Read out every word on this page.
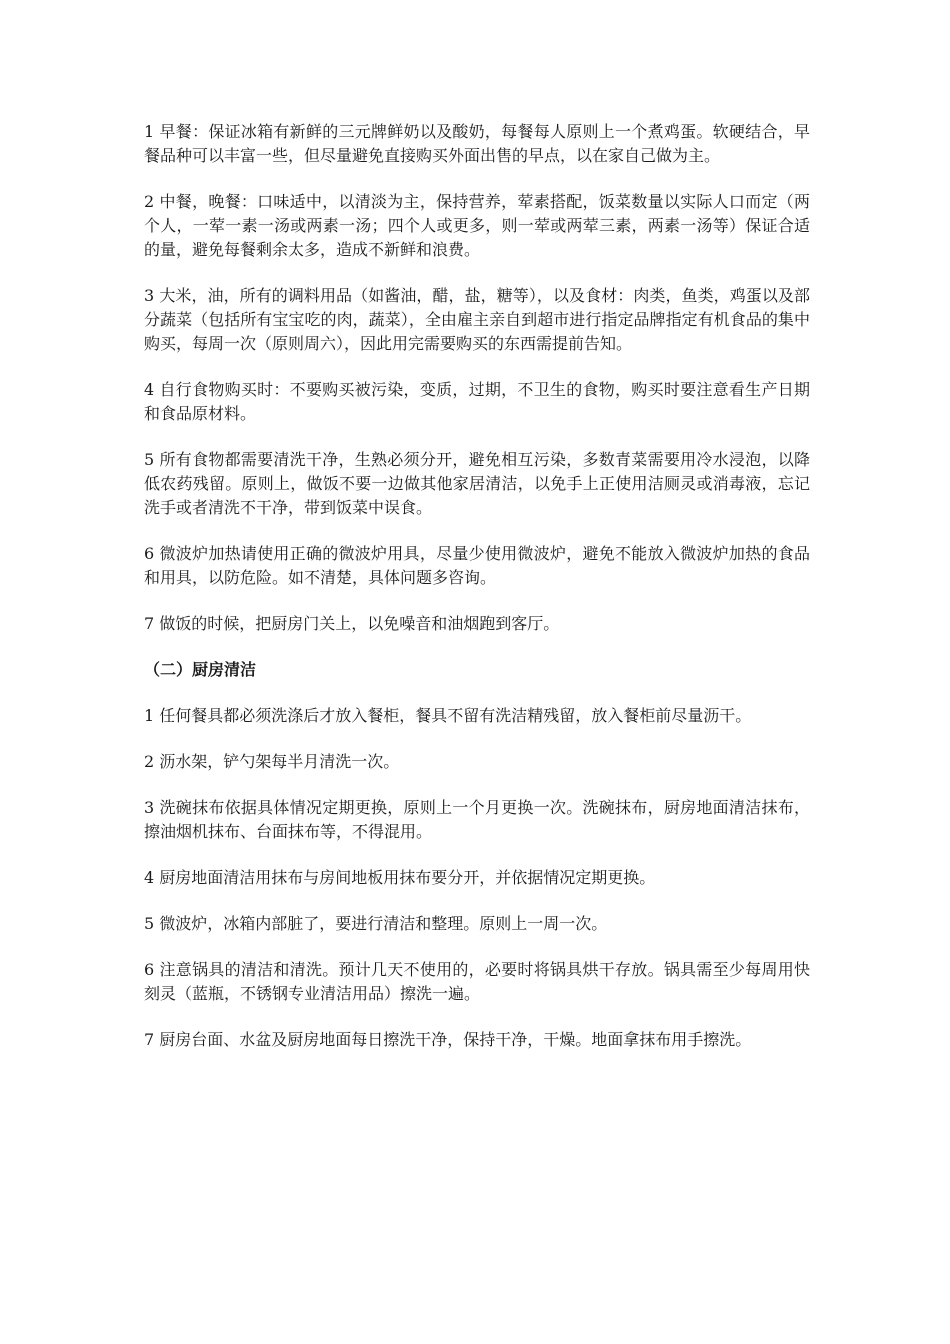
1 早餐：保证冰箱有新鲜的三元牌鲜奶以及酸奶，每餐每人原则上一个煮鸡蛋。软硬结合，早餐品种可以丰富一些，但尽量避免直接购买外面出售的早点，以在家自己做为主。

2 中餐，晚餐：口味适中，以清淡为主，保持营养，荤素搭配，饭菜数量以实际人口而定（两个人，一荤一素一汤或两素一汤；四个人或更多，则一荤或两荤三素，两素一汤等）保证合适的量，避免每餐剩余太多，造成不新鲜和浪费。

3 大米，油，所有的调料用品（如酱油，醋，盐，糖等），以及食材：肉类，鱼类，鸡蛋以及部分蔬菜（包括所有宝宝吃的肉，蔬菜），全由雇主亲自到超市进行指定品牌指定有机食品的集中购买，每周一次（原则周六），因此用完需要购买的东西需提前告知。

4 自行食物购买时：不要购买被污染，变质，过期，不卫生的食物，购买时要注意看生产日期和食品原材料。

5 所有食物都需要清洗干净，生熟必须分开，避免相互污染，多数青菜需要用冷水浸泡，以降低农药残留。原则上，做饭不要一边做其他家居清洁，以免手上正使用洁厕灵或消毒液，忘记洗手或者清洗不干净，带到饭菜中误食。

6 微波炉加热请使用正确的微波炉用具，尽量少使用微波炉，避免不能放入微波炉加热的食品和用具，以防危险。如不清楚，具体问题多咨询。

7 做饭的时候，把厨房门关上，以免噪音和油烟跑到客厅。

（二）厨房清洁

1 任何餐具都必须洗涤后才放入餐柜，餐具不留有洗洁精残留，放入餐柜前尽量沥干。

2 沥水架，铲勺架每半月清洗一次。

3 洗碗抹布依据具体情况定期更换，原则上一个月更换一次。洗碗抹布，厨房地面清洁抹布，擦油烟机抹布、台面抹布等，不得混用。

4 厨房地面清洁用抹布与房间地板用抹布要分开，并依据情况定期更换。

5 微波炉，冰箱内部脏了，要进行清洁和整理。原则上一周一次。

6 注意锅具的清洁和清洗。预计几天不使用的，必要时将锅具烘干存放。锅具需至少每周用快刻灵（蓝瓶，不锈钢专业清洁用品）擦洗一遍。

7 厨房台面、水盆及厨房地面每日擦洗干净，保持干净，干燥。地面拿抹布用手擦洗。
